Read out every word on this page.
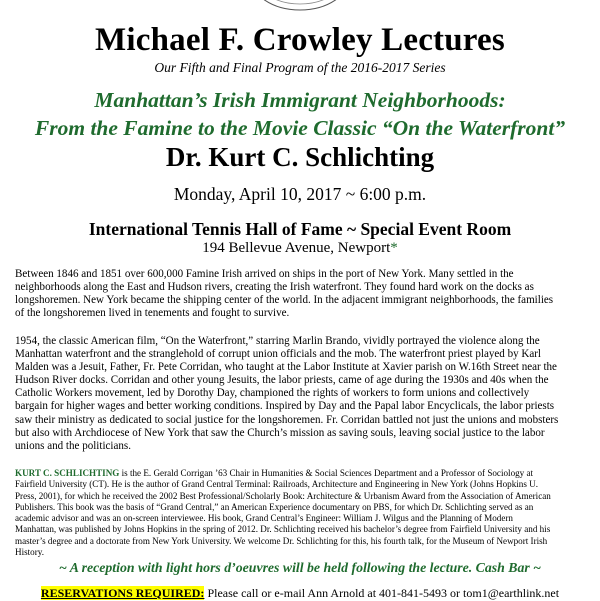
Michael F. Crowley Lectures
Our Fifth and Final Program of the 2016-2017 Series
Manhattan’s Irish Immigrant Neighborhoods:
From the Famine to the Movie Classic “On the Waterfront”
Dr. Kurt C. Schlichting
Monday, April 10, 2017 ~ 6:00 p.m.
International Tennis Hall of Fame ~ Special Event Room
194 Bellevue Avenue, Newport*
Between 1846 and 1851 over 600,000 Famine Irish arrived on ships in the port of New York. Many settled in the
neighborhoods along the East and Hudson rivers, creating the Irish waterfront. They found hard work on the docks as
longshoremen. New York became the shipping center of the world. In the adjacent immigrant neighborhoods, the families
of the longshoremen lived in tenements and fought to survive.
1954, the classic American film, “On the Waterfront,” starring Marlin Brando, vividly portrayed the violence along the
Manhattan waterfront and the stranglehold of corrupt union officials and the mob. The waterfront priest played by Karl
Malden was a Jesuit, Father, Fr. Pete Corridan, who taught at the Labor Institute at Xavier parish on W.16th Street near the
Hudson River docks. Corridan and other young Jesuits, the labor priests, came of age during the 1930s and 40s when the
Catholic Workers movement, led by Dorothy Day, championed the rights of workers to form unions and collectively
bargain for higher wages and better working conditions. Inspired by Day and the Papal labor Encyclicals, the labor priests
saw their ministry as dedicated to social justice for the longshoremen. Fr. Corridan battled not just the unions and mobsters
but also with Archdiocese of New York that saw the Church’s mission as saving souls, leaving social justice to the labor
unions and the politicians.
KURT C. SCHLICHTING is the E. Gerald Corrigan ’63 Chair in Humanities & Social Sciences Department and a Professor of Sociology at
Fairfield University (CT). He is the author of Grand Central Terminal: Railroads, Architecture and Engineering in New York (Johns Hopkins U.
Press, 2001), for which he received the 2002 Best Professional/Scholarly Book: Architecture & Urbanism Award from the Association of American
Publishers. This book was the basis of “Grand Central,” an American Experience documentary on PBS, for which Dr. Schlichting served as an
academic advisor and was an on-screen interviewee. His book, Grand Central’s Engineer: William J. Wilgus and the Planning of Modern
Manhattan, was published by Johns Hopkins in the spring of 2012. Dr. Schlichting received his bachelor’s degree from Fairfield University and his
master’s degree and a doctorate from New York University. We welcome Dr. Schlichting for this, his fourth talk, for the Museum of Newport Irish
History.
~ A reception with light hors d’oeuvres will be held following the lecture. Cash Bar ~
RESERVATIONS REQUIRED: Please call or e-mail Ann Arnold at 401-841-5493 or tom1@earthlink.net
